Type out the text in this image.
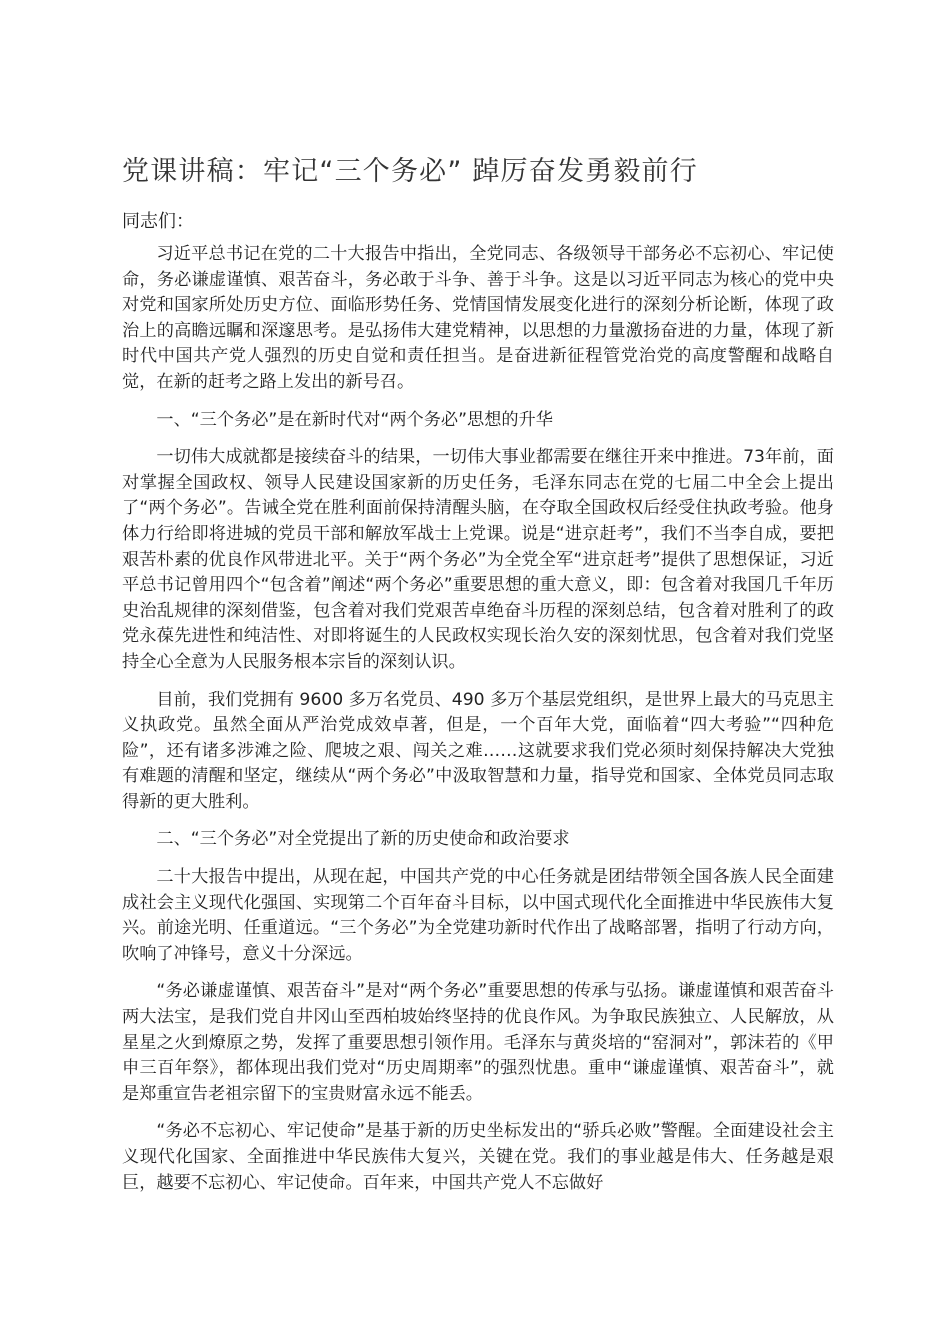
党课讲稿：牢记“三个务必” 踔厉奋发勇毅前行

同志们：

习近平总书记在党的二十大报告中指出，全党同志、各级领导干部务必不忘初心、牢记使命，务必谦虚谨慎、艰苦奋斗，务必敢于斗争、善于斗争。这是以习近平同志为核心的党中央对党和国家所处历史方位、面临形势任务、党情国情发展变化进行的深刻分析论断，体现了政治上的高瞻远瞩和深邃思考。是弘扬伟大建党精神，以思想的力量激扬奋进的力量，体现了新时代中国共产党人强烈的历史自觉和责任担当。是奋进新征程管党治党的高度警醒和战略自觉，在新的赶考之路上发出的新号召。

一、“三个务必”是在新时代对“两个务必”思想的升华

一切伟大成就都是接续奋斗的结果，一切伟大事业都需要在继往开来中推进。73年前，面对掌握全国政权、领导人民建设国家新的历史任务，毛泽东同志在党的七届二中全会上提出了“两个务必”。告诫全党在胜利面前保持清醒头脑，在夺取全国政权后经受住执政考验。他身体力行给即将进城的党员干部和解放军战士上党课。说是“进京赶考”，我们不当李自成，要把艰苦朴素的优良作风带进北平。关于“两个务必”为全党全军“进京赶考”提供了思想保证，习近平总书记曾用四个“包含着”阐述“两个务必”重要思想的重大意义，即：包含着对我国几千年历史治乱规律的深刻借鉴，包含着对我们党艰苦卓绝奋斗历程的深刻总结，包含着对胜利了的政党永葆先进性和纯洁性、对即将诞生的人民政权实现长治久安的深刻忧思，包含着对我们党坚持全心全意为人民服务根本宗旨的深刻认识。

目前，我们党拥有 9600 多万名党员、490 多万个基层党组织，是世界上最大的马克思主义执政党。虽然全面从严治党成效卓著，但是，一个百年大党，面临着“四大考验”“四种危险”，还有诸多涉滩之险、爬坡之艰、闯关之难……这就要求我们党必须时刻保持解决大党独有难题的清醒和坚定，继续从“两个务必”中汲取智慧和力量，指导党和国家、全体党员同志取得新的更大胜利。

二、“三个务必”对全党提出了新的历史使命和政治要求

二十大报告中提出，从现在起，中国共产党的中心任务就是团结带领全国各族人民全面建成社会主义现代化强国、实现第二个百年奋斗目标，以中国式现代化全面推进中华民族伟大复兴。前途光明、任重道远。“三个务必”为全党建功新时代作出了战略部署，指明了行动方向，吹响了冲锋号，意义十分深远。

“务必谦虚谨慎、艰苦奋斗”是对“两个务必”重要思想的传承与弘扬。谦虚谨慎和艰苦奋斗两大法宝，是我们党自井冈山至西柏坡始终坚持的优良作风。为争取民族独立、人民解放，从星星之火到燎原之势，发挥了重要思想引领作用。毛泽东与黄炎培的“窑洞对”，郭沫若的《甲申三百年祭》，都体现出我们党对“历史周期率”的强烈忧患。重申“谦虚谨慎、艰苦奋斗”，就是郑重宣告老祖宗留下的宝贵财富永远不能丢。

“务必不忘初心、牢记使命”是基于新的历史坐标发出的“骄兵必败”警醒。全面建设社会主义现代化国家、全面推进中华民族伟大复兴，关键在党。我们的事业越是伟大、任务越是艰巨，越要不忘初心、牢记使命。百年来，中国共产党人不忘做好
